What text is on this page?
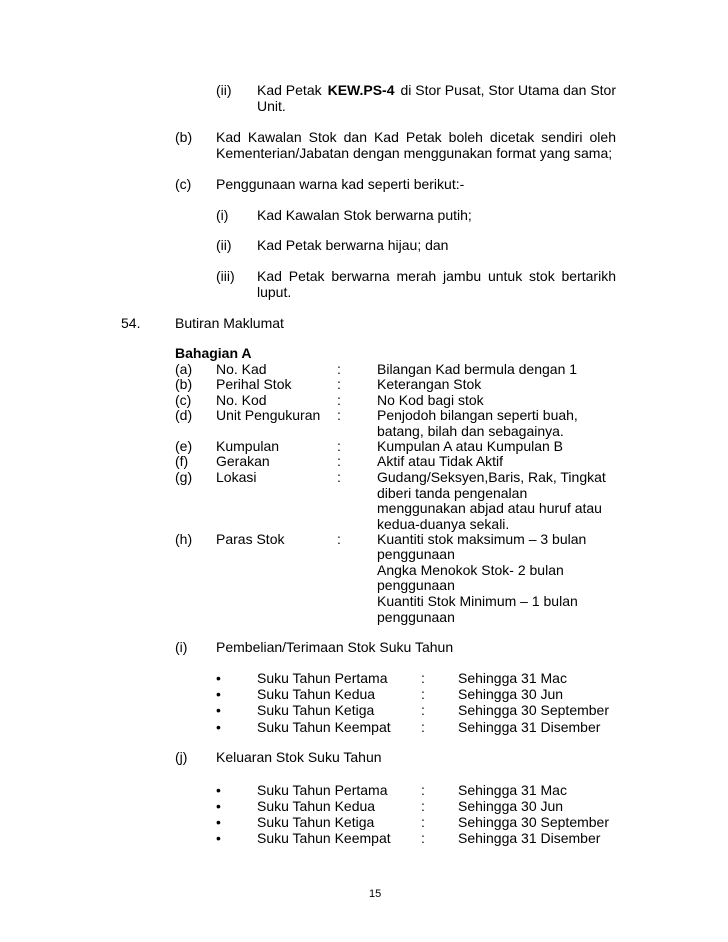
(ii) Kad Petak KEW.PS-4 di Stor Pusat, Stor Utama dan Stor
Unit.
(b) Kad Kawalan Stok dan Kad Petak boleh dicetak sendiri oleh
Kementerian/Jabatan dengan menggunakan format yang sama;
(c) Penggunaan warna kad seperti berikut:-
(i) Kad Kawalan Stok berwarna putih;
(ii) Kad Petak berwarna hijau; dan
(iii) Kad Petak berwarna merah jambu untuk stok bertarikh
luput.
54. Butiran Maklumat
Bahagian A
(a) No. Kad	:	Bilangan Kad bermula dengan 1
(b) Perihal Stok	:	Keterangan Stok
(c) No. Kod	:	No Kod bagi stok
(d) Unit Pengukuran :	Penjodoh bilangan seperti buah,
batang, bilah dan sebagainya.
(e) Kumpulan	:	Kumpulan A atau Kumpulan B
(f) Gerakan	:	Aktif atau Tidak Aktif
(g) Lokasi	:	Gudang/Seksyen,Baris, Rak, Tingkat
diberi tanda pengenalan
menggunakan abjad atau huruf atau
kedua-duanya sekali.
(h) Paras Stok	:	Kuantiti stok maksimum – 3 bulan
penggunaan
Angka Menokok Stok- 2 bulan
penggunaan
Kuantiti Stok Minimum – 1 bulan
penggunaan
(i) Pembelian/Terimaan Stok Suku Tahun
•	Suku Tahun Pertama : Sehingga 31 Mac
•	Suku Tahun Kedua	: Sehingga 30 Jun
•	Suku Tahun Ketiga	: Sehingga 30 September
•	Suku Tahun Keempat : Sehingga 31 Disember
(j) Keluaran Stok Suku Tahun
•	Suku Tahun Pertama : Sehingga 31 Mac
•	Suku Tahun Kedua	: Sehingga 30 Jun
•	Suku Tahun Ketiga	: Sehingga 30 September
•	Suku Tahun Keempat : Sehingga 31 Disember
15
